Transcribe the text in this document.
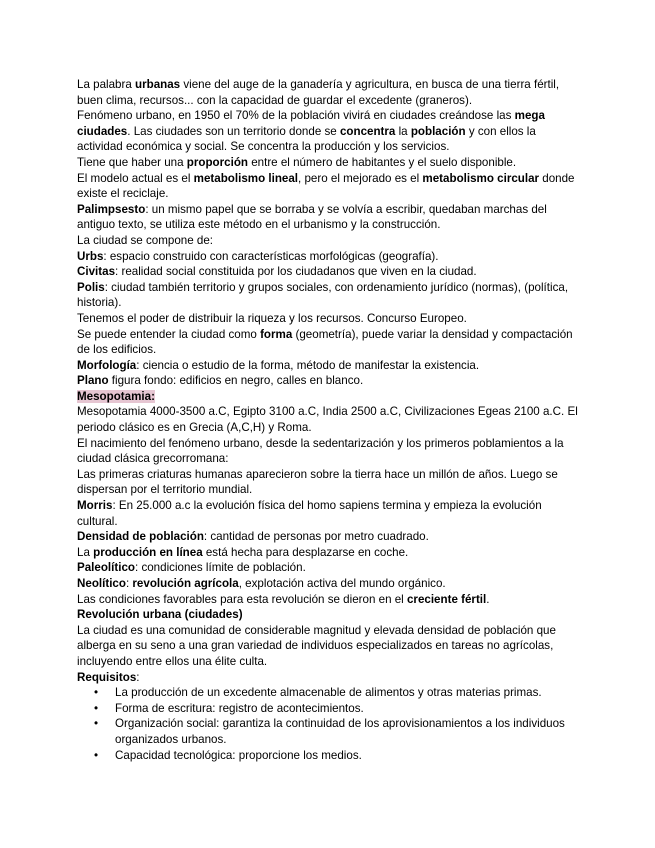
La palabra urbanas viene del auge de la ganadería y agricultura, en busca de una tierra fértil, buen clima, recursos... con la capacidad de guardar el excedente (graneros).

Fenómeno urbano, en 1950 el 70% de la población vivirá en ciudades creándose las mega ciudades. Las ciudades son un territorio donde se concentra la población y con ellos la actividad económica y social. Se concentra la producción y los servicios.

Tiene que haber una proporción entre el número de habitantes y el suelo disponible.

El modelo actual es el metabolismo lineal, pero el mejorado es el metabolismo circular donde existe el reciclaje.

Palimpsesto: un mismo papel que se borraba y se volvía a escribir, quedaban marchas del antiguo texto, se utiliza este método en el urbanismo y la construcción.

La ciudad se compone de:

Urbs: espacio construido con características morfológicas (geografía).

Civitas: realidad social constituida por los ciudadanos que viven en la ciudad.

Polis: ciudad también territorio y grupos sociales, con ordenamiento jurídico (normas), (política, historia).

Tenemos el poder de distribuir la riqueza y los recursos. Concurso Europeo.

Se puede entender la ciudad como forma (geometría), puede variar la densidad y compactación de los edificios.

Morfología: ciencia o estudio de la forma, método de manifestar la existencia.

Plano figura fondo: edificios en negro, calles en blanco.

Mesopotamia:

Mesopotamia 4000-3500 a.C, Egipto 3100 a.C, India 2500 a.C, Civilizaciones Egeas 2100 a.C. El periodo clásico es en Grecia (A,C,H) y Roma.

El nacimiento del fenómeno urbano, desde la sedentarización y los primeros poblamientos a la ciudad clásica grecorromana:

Las primeras criaturas humanas aparecieron sobre la tierra hace un millón de años. Luego se dispersan por el territorio mundial.

Morris: En 25.000 a.c la evolución física del homo sapiens termina y empieza la evolución cultural.

Densidad de población: cantidad de personas por metro cuadrado.

La producción en línea está hecha para desplazarse en coche.

Paleolítico: condiciones límite de población.

Neolítico: revolución agrícola, explotación activa del mundo orgánico.

Las condiciones favorables para esta revolución se dieron en el creciente fértil.

Revolución urbana (ciudades)

La ciudad es una comunidad de considerable magnitud y elevada densidad de población que alberga en su seno a una gran variedad de individuos especializados en tareas no agrícolas, incluyendo entre ellos una élite culta.

Requisitos:

• La producción de un excedente almacenable de alimentos y otras materias primas.
• Forma de escritura: registro de acontecimientos.
• Organización social: garantiza la continuidad de los aprovisionamientos a los individuos organizados urbanos.
• Capacidad tecnológica: proporcione los medios.
